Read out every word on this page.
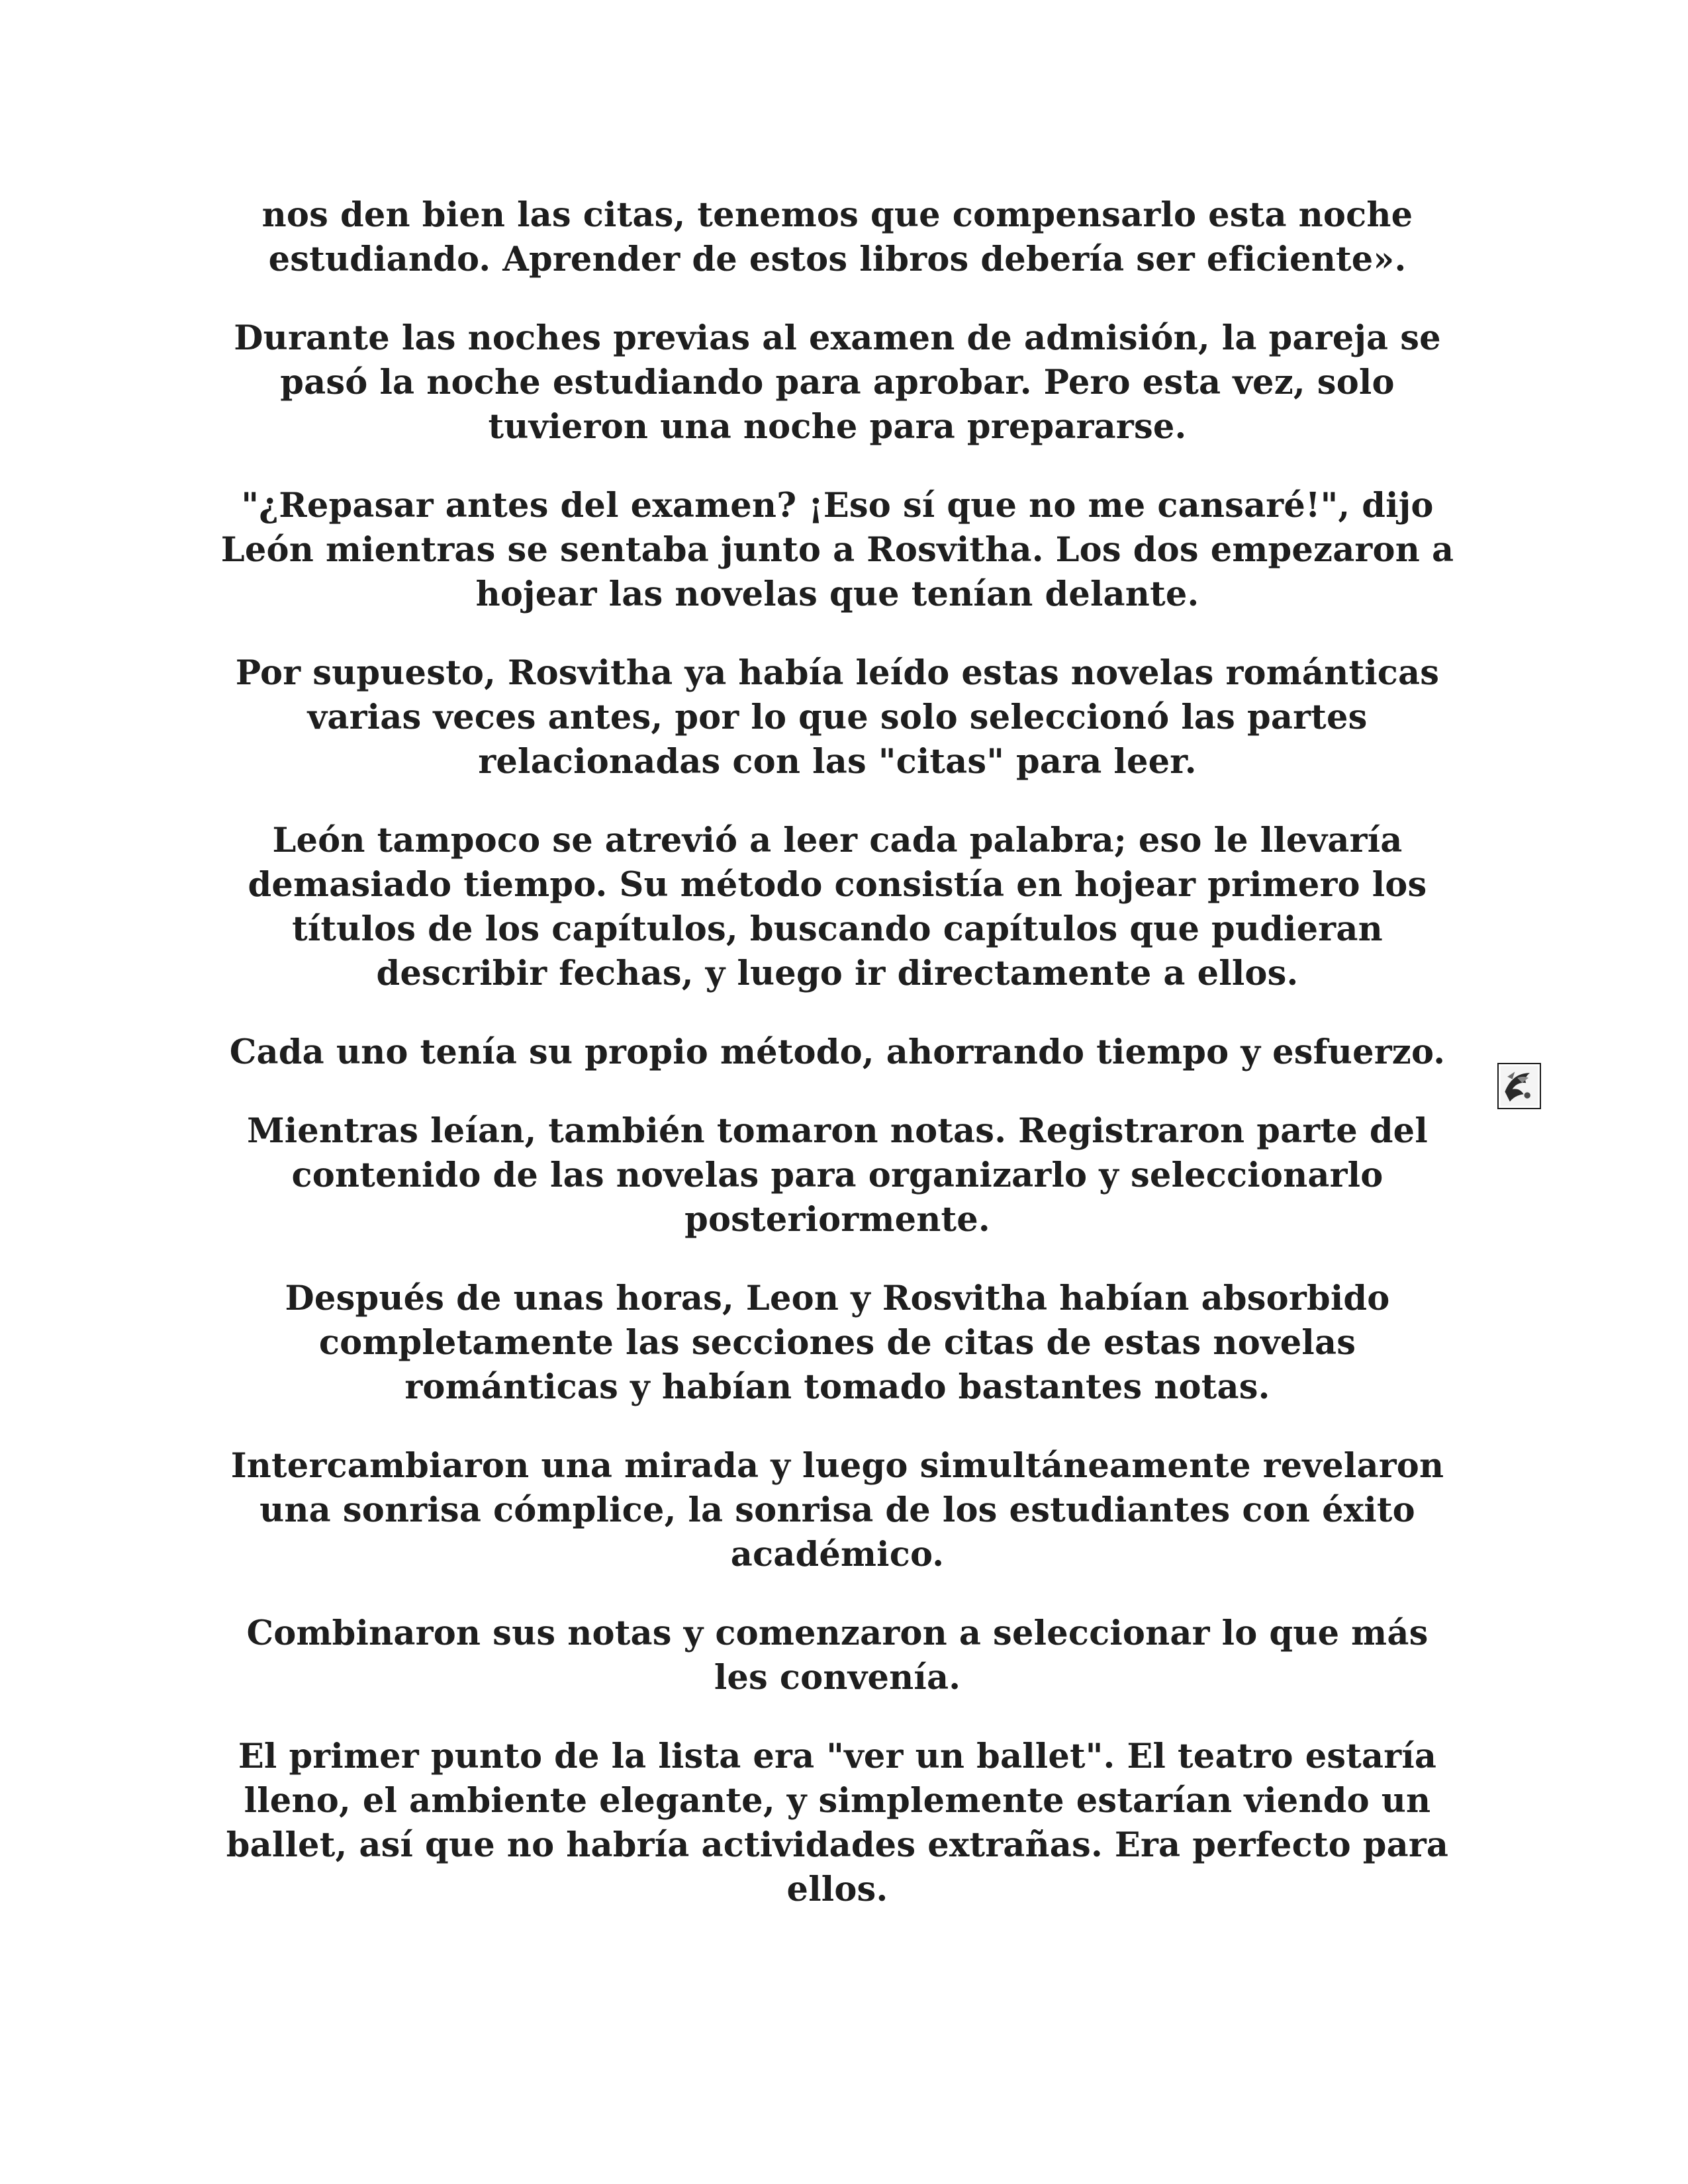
nos den bien las citas, tenemos que compensarlo esta noche estudiando. Aprender de estos libros debería ser eficiente».

Durante las noches previas al examen de admisión, la pareja se pasó la noche estudiando para aprobar. Pero esta vez, solo tuvieron una noche para prepararse.

"¿Repasar antes del examen? ¡Eso sí que no me cansaré!", dijo León mientras se sentaba junto a Rosvitha. Los dos empezaron a hojear las novelas que tenían delante.

Por supuesto, Rosvitha ya había leído estas novelas románticas varias veces antes, por lo que solo seleccionó las partes relacionadas con las "citas" para leer.

León tampoco se atrevió a leer cada palabra; eso le llevaría demasiado tiempo. Su método consistía en hojear primero los títulos de los capítulos, buscando capítulos que pudieran describir fechas, y luego ir directamente a ellos.

Cada uno tenía su propio método, ahorrando tiempo y esfuerzo.

Mientras leían, también tomaron notas. Registraron parte del contenido de las novelas para organizarlo y seleccionarlo posteriormente.

Después de unas horas, Leon y Rosvitha habían absorbido completamente las secciones de citas de estas novelas románticas y habían tomado bastantes notas.

Intercambiaron una mirada y luego simultáneamente revelaron una sonrisa cómplice, la sonrisa de los estudiantes con éxito académico.

Combinaron sus notas y comenzaron a seleccionar lo que más les convenía.

El primer punto de la lista era "ver un ballet". El teatro estaría lleno, el ambiente elegante, y simplemente estarían viendo un ballet, así que no habría actividades extrañas. Era perfecto para ellos.
